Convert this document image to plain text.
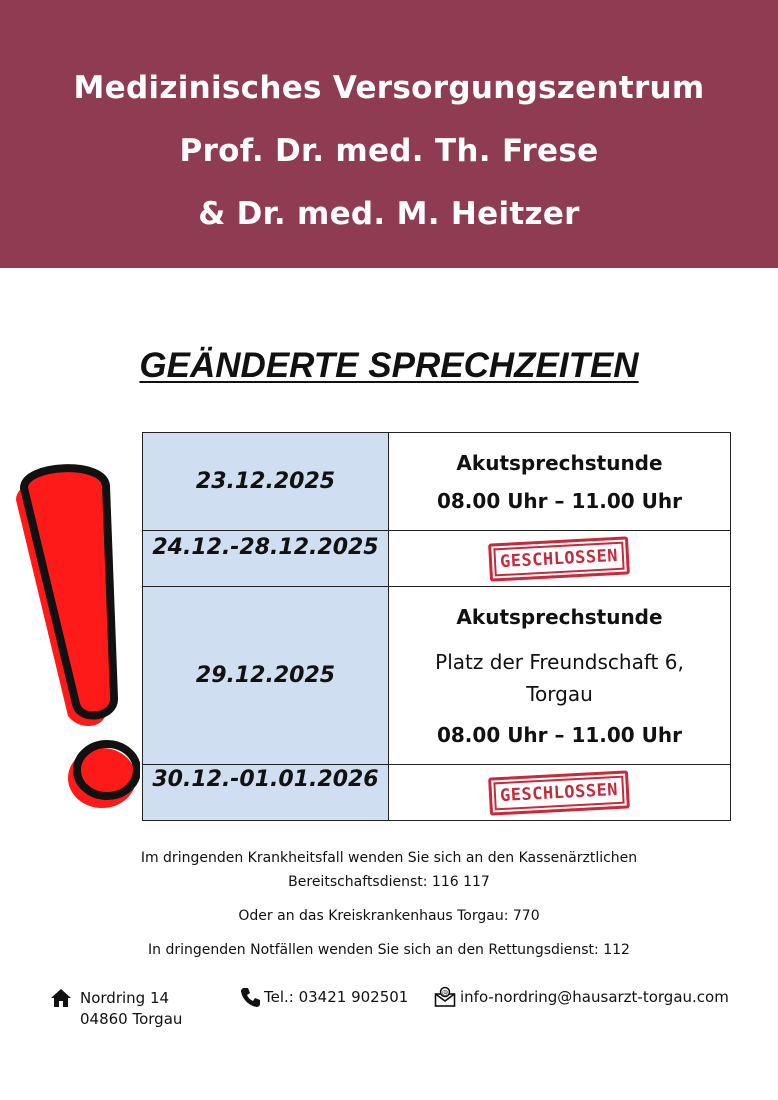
Medizinisches Versorgungszentrum
Prof. Dr. med. Th. Frese
& Dr. med. M. Heitzer
GEÄNDERTE SPRECHZEITEN
23.12.2025	Akutsprechstunde
08.00 Uhr – 11.00 Uhr

24.12.-28.12.2025	GESCHLOSSEN
29.12.2025	Akutsprechstunde
Platz der Freundschaft 6,
Torgau
08.00 Uhr – 11.00 Uhr

30.12.-01.01.2026	GESCHLOSSEN

Im dringenden Krankheitsfall wenden Sie sich an den Kassenärztlichen
Bereitschaftsdienst: 116 117

Oder an das Kreiskrankenhaus Torgau: 770

In dringenden Notfällen wenden Sie sich an den Rettungsdienst: 112

Nordring 14
04860 Torgau
Tel.: 03421 902501	@ info-nordring@hausarzt-torgau.com
